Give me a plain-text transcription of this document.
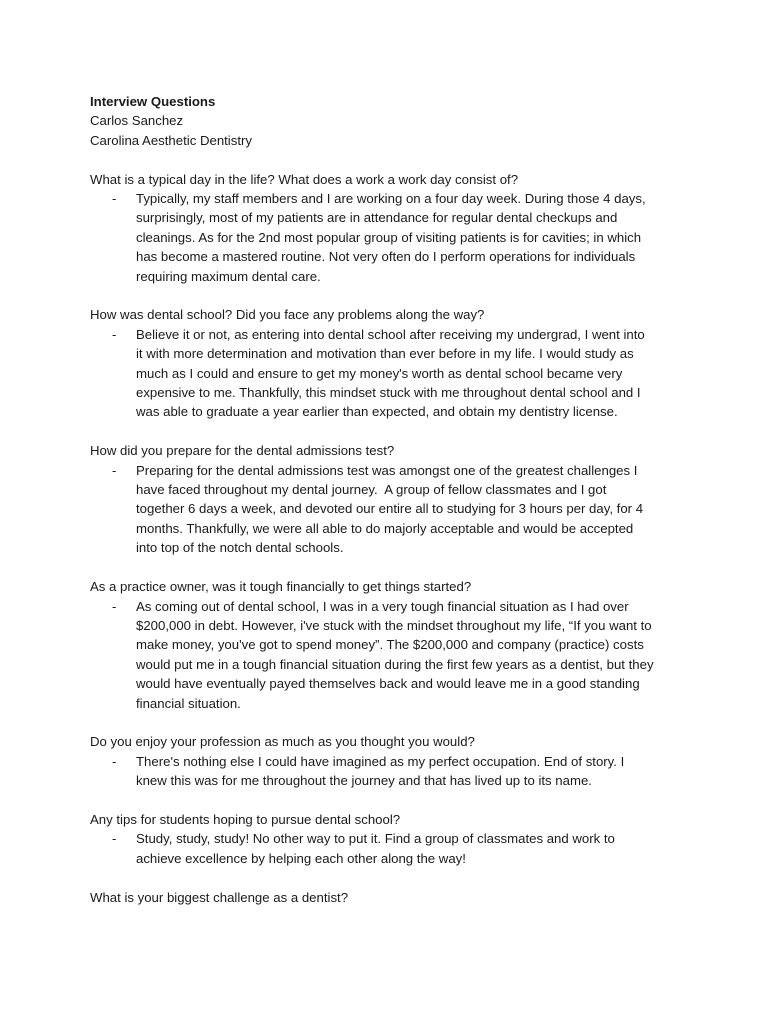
Interview Questions
Carlos Sanchez
Carolina Aesthetic Dentistry
What is a typical day in the life? What does a work a work day consist of?
- Typically, my staff members and I are working on a four day week. During those 4 days,
surprisingly, most of my patients are in attendance for regular dental checkups and
cleanings. As for the 2nd most popular group of visiting patients is for cavities; in which
has become a mastered routine. Not very often do I perform operations for individuals
requiring maximum dental care.
How was dental school? Did you face any problems along the way?
- Believe it or not, as entering into dental school after receiving my undergrad, I went into
it with more determination and motivation than ever before in my life. I would study as
much as I could and ensure to get my money's worth as dental school became very
expensive to me. Thankfully, this mindset stuck with me throughout dental school and I
was able to graduate a year earlier than expected, and obtain my dentistry license.
How did you prepare for the dental admissions test?
- Preparing for the dental admissions test was amongst one of the greatest challenges I
have faced throughout my dental journey.  A group of fellow classmates and I got
together 6 days a week, and devoted our entire all to studying for 3 hours per day, for 4
months. Thankfully, we were all able to do majorly acceptable and would be accepted
into top of the notch dental schools.
As a practice owner, was it tough financially to get things started?
- As coming out of dental school, I was in a very tough financial situation as I had over
$200,000 in debt. However, i've stuck with the mindset throughout my life, “If you want to
make money, you've got to spend money”. The $200,000 and company (practice) costs
would put me in a tough financial situation during the first few years as a dentist, but they
would have eventually payed themselves back and would leave me in a good standing
financial situation.
Do you enjoy your profession as much as you thought you would?
- There's nothing else I could have imagined as my perfect occupation. End of story. I
knew this was for me throughout the journey and that has lived up to its name.
Any tips for students hoping to pursue dental school?
- Study, study, study! No other way to put it. Find a group of classmates and work to
achieve excellence by helping each other along the way!
What is your biggest challenge as a dentist?
